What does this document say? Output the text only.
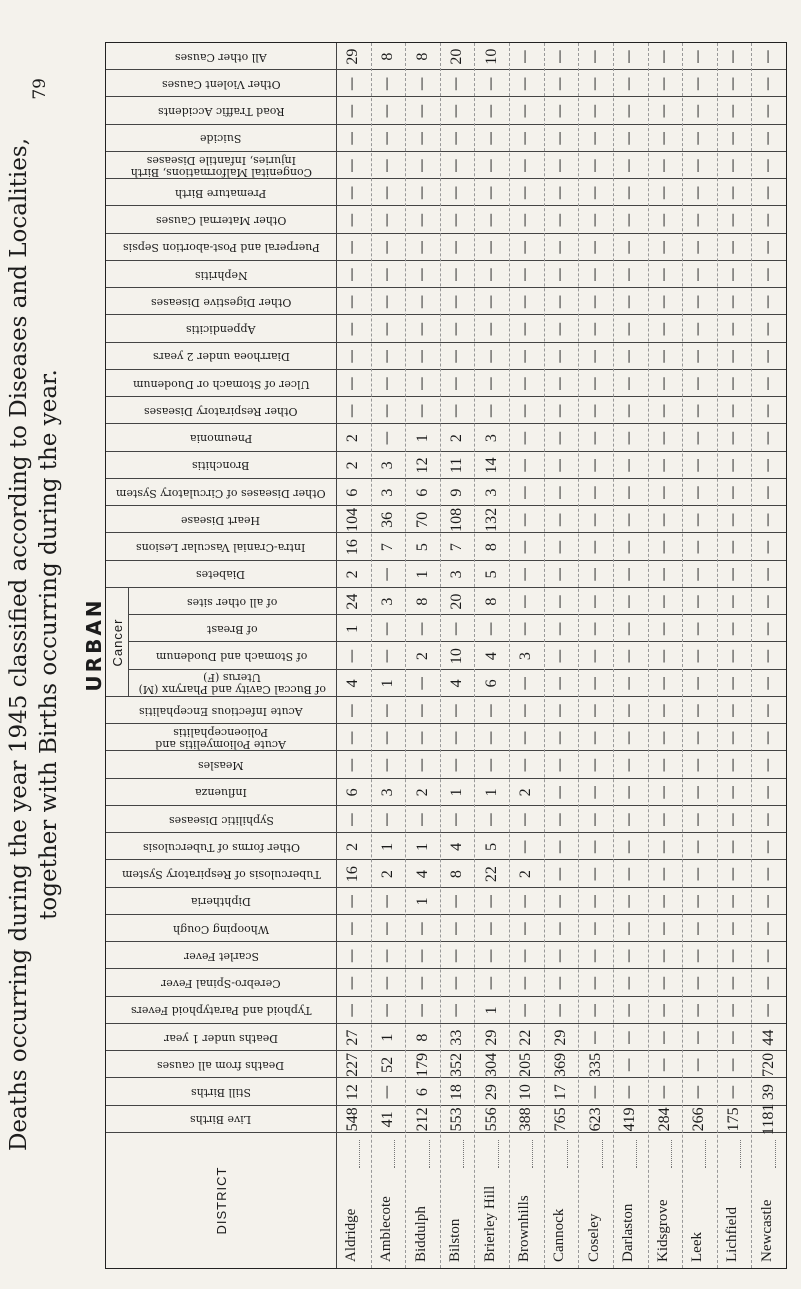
Deaths occurring during the year 1945 classified according to Diseases and Localities, together with Births occurring during the year. URBAN
79
DISTRICT
Live Births
Still Births
Deaths from all causes
Deaths under 1 year
Typhoid and Paratyphoid Fevers
Cerebro-Spinal Fever
Scarlet Fever
Whooping Cough
Diphtheria
Tuberculosis of Respiratory System
Other forms of Tuberculosis
Syphilitic Diseases
Influenza
Measles
Acute Poliomyelitis and Polioencephalitis
Acute Infectious Encephalitis
of Buccal Cavity and Pharynx (M) Uterus (F)
of Stomach and Duodenum
of Breast
of all other sites
Diabetes
Intra-Cranial Vascular Lesions
Heart Disease
Other Diseases of Circulatory System
Bronchitis
Pneumonia
Other Respiratory Diseases
Ulcer of Stomach or Duodenum
Diarrhoea under 2 years
Appendicitis
Other Digestive Diseases
Nephritis
Puerperal and Post-abortion Sepsis
Other Maternal Causes
Premature Birth
Congenital Malformations, Birth Injuries, Infantile Diseases
Suicide
Road Traffic Accidents
Other Violent Causes
All other Causes
Cancer
Aldridge
548
12
227
27
—
—
—
—
—
16
2
—
6
—
—
—
4
—
1
24
2
16
104
6
2
2
—
—
—
—
—
—
—
—
—
—
—
—
—
29
Amblecote
41
—
52
1
—
—
—
—
—
2
1
—
3
—
—
—
1
—
—
3
—
7
36
3
3
—
—
—
—
—
—
—
—
—
—
—
—
—
—
8
Biddulph
212
6
179
8
—
—
—
—
1
4
1
—
2
—
—
—
—
2
—
8
1
5
70
6
12
1
—
—
—
—
—
—
—
—
—
—
—
—
—
8
Bilston
553
18
352
33
—
—
—
—
—
8
4
—
1
—
—
—
4
10
—
20
3
7
108
9
11
2
—
—
—
—
—
—
—
—
—
—
—
—
—
20
Brierley Hill
556
29
304
29
1
—
—
—
—
22
5
—
1
—
—
—
6
4
—
8
5
8
132
3
14
3
—
—
—
—
—
—
—
—
—
—
—
—
—
10
Brownhills
388
10
205
22
—
—
—
—
—
2
—
—
2
—
—
—
—
3
—
—
—
—
—
—
—
—
—
—
—
—
—
—
—
—
—
—
—
—
—
—
Cannock
765
17
369
29
—
—
—
—
—
—
—
—
—
—
—
—
—
—
—
—
—
—
—
—
—
—
—
—
—
—
—
—
—
—
—
—
—
—
—
—
Coseley
623
—
335
—
—
—
—
—
—
—
—
—
—
—
—
—
—
—
—
—
—
—
—
—
—
—
—
—
—
—
—
—
—
—
—
—
—
—
—
—
Darlaston
419
—
—
—
—
—
—
—
—
—
—
—
—
—
—
—
—
—
—
—
—
—
—
—
—
—
—
—
—
—
—
—
—
—
—
—
—
—
—
—
Kidsgrove
284
—
—
—
—
—
—
—
—
—
—
—
—
—
—
—
—
—
—
—
—
—
—
—
—
—
—
—
—
—
—
—
—
—
—
—
—
—
—
—
Leek
266
—
—
—
—
—
—
—
—
—
—
—
—
—
—
—
—
—
—
—
—
—
—
—
—
—
—
—
—
—
—
—
—
—
—
—
—
—
—
—
Lichfield
175
—
—
—
—
—
—
—
—
—
—
—
—
—
—
—
—
—
—
—
—
—
—
—
—
—
—
—
—
—
—
—
—
—
—
—
—
—
—
—
Newcastle
1181
39
720
44
—
—
—
—
—
—
—
—
—
—
—
—
—
—
—
—
—
—
—
—
—
—
—
—
—
—
—
—
—
—
—
—
—
—
—
—
